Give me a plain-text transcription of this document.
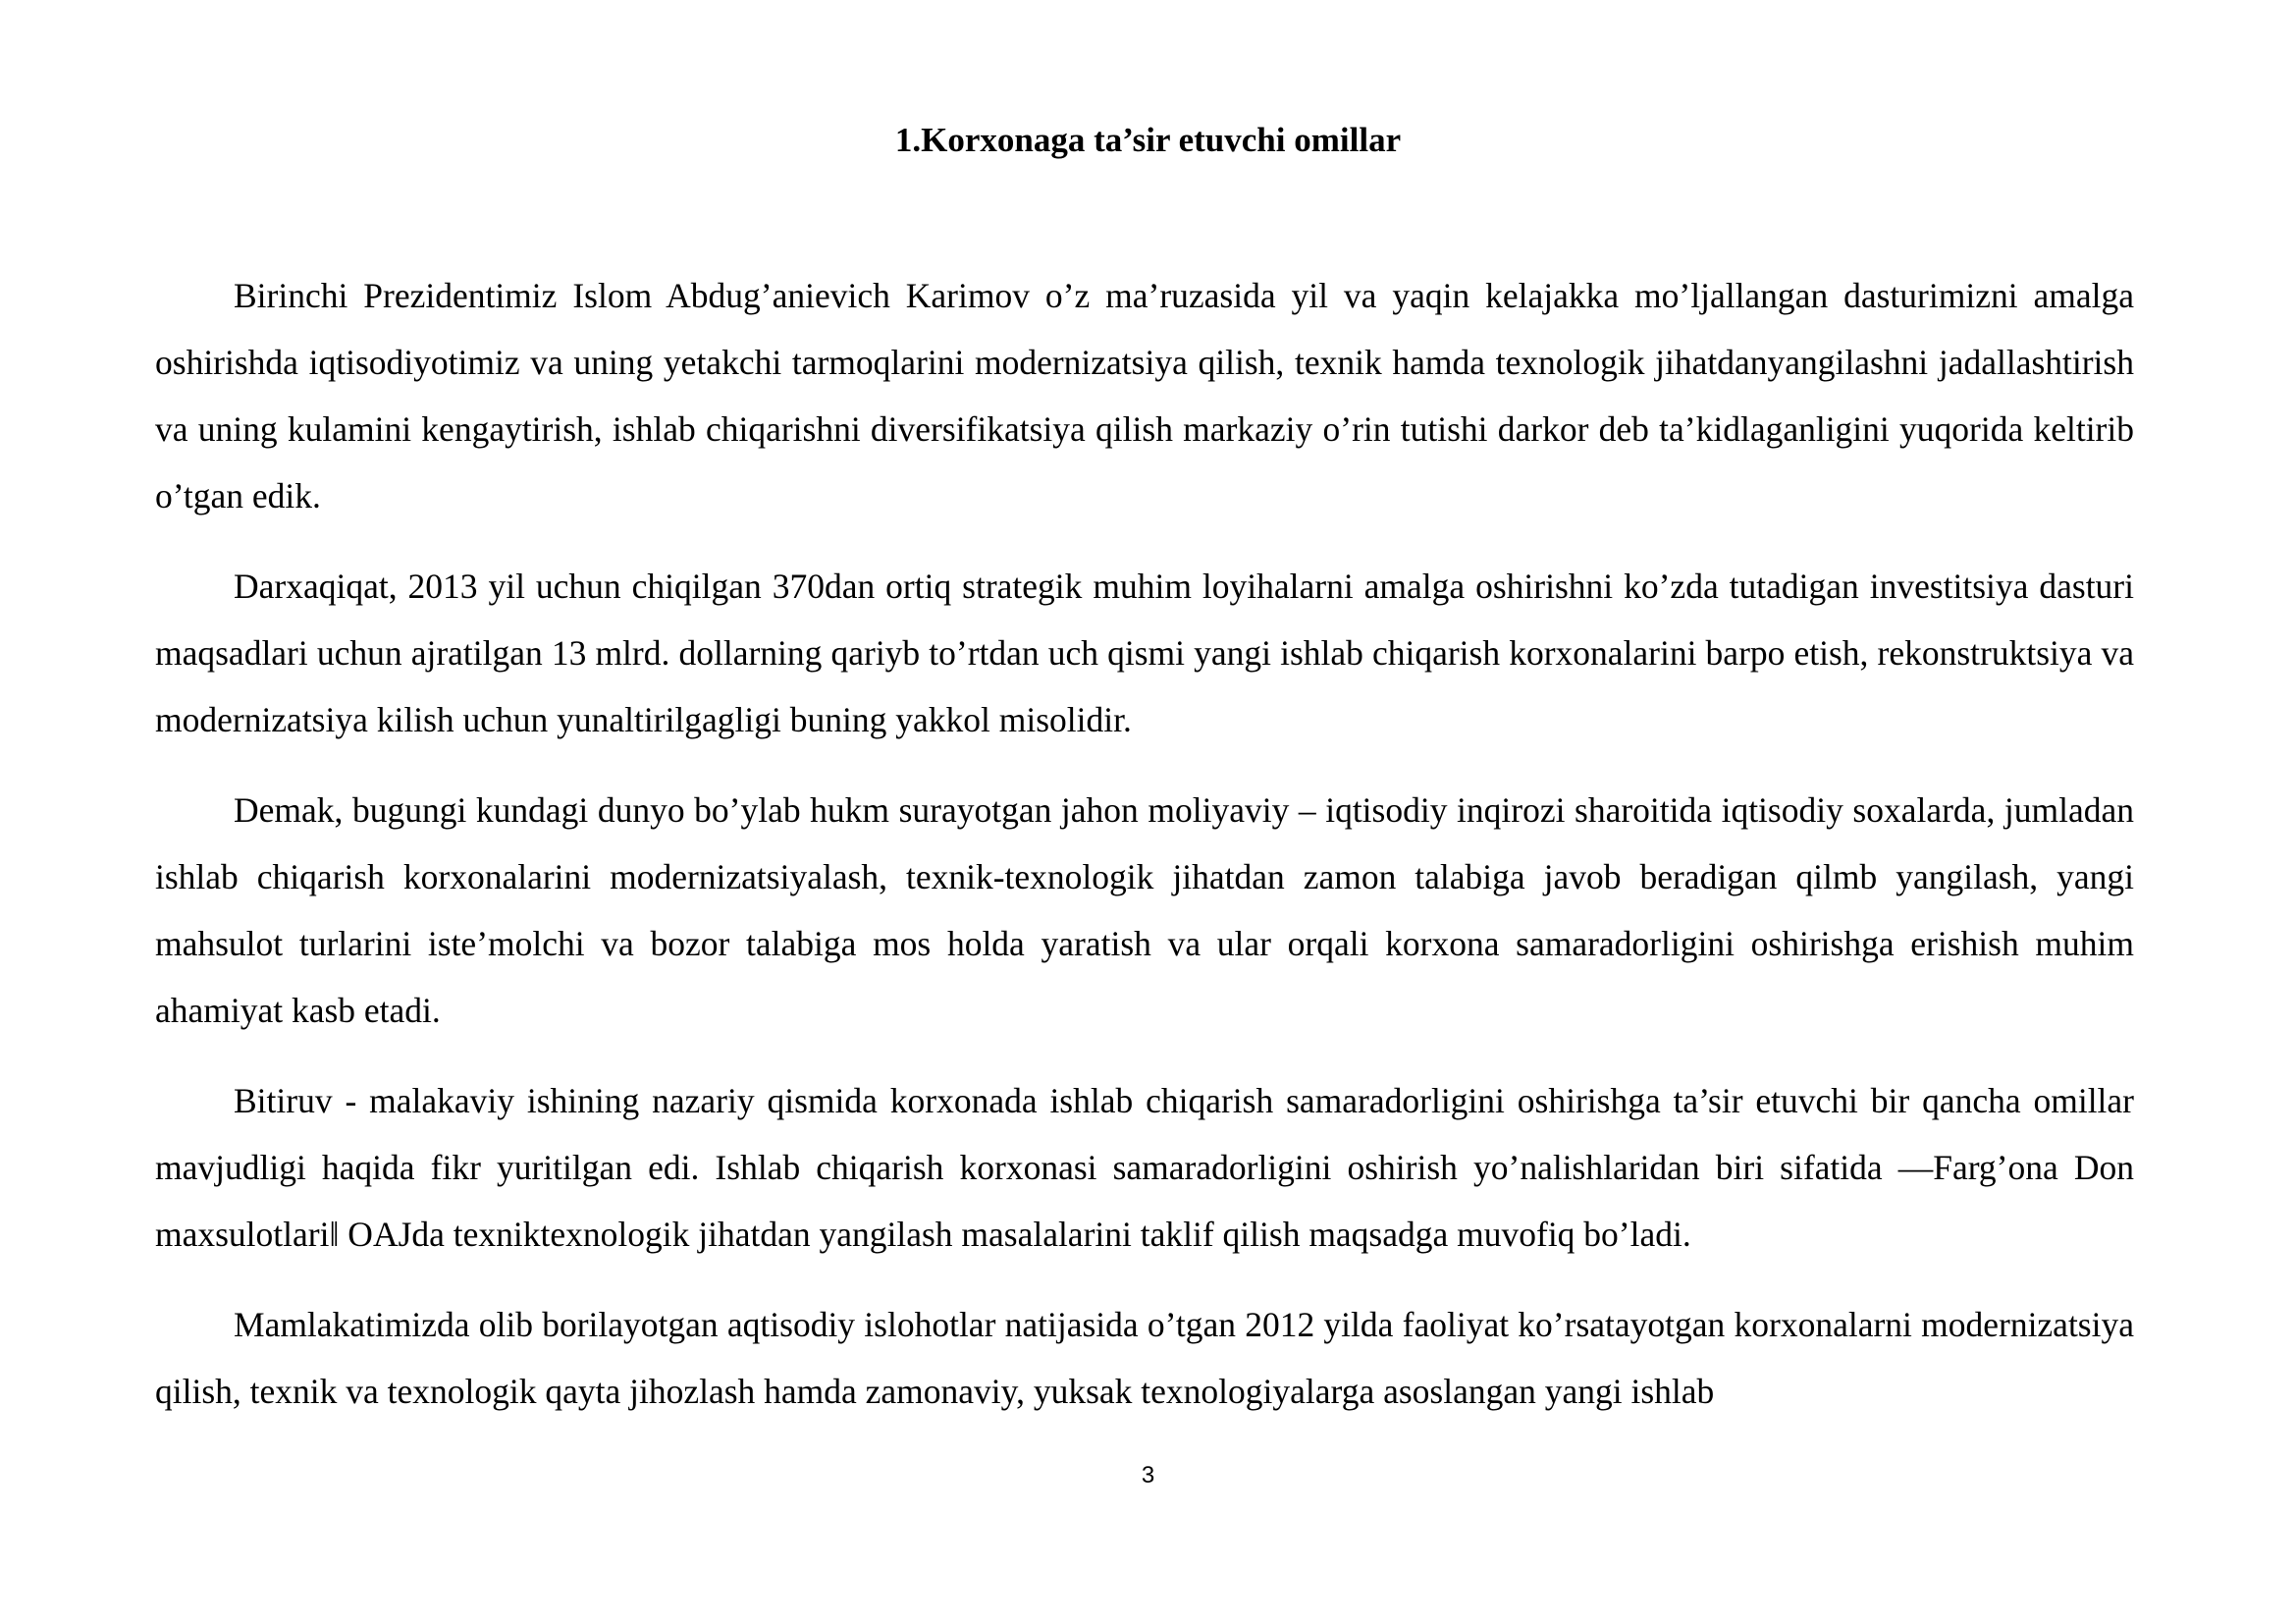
1.Korxonaga ta’sir etuvchi omillar

Birinchi Prezidentimiz Islom Abdug’anievich Karimov o’z ma’ruzasida yil va yaqin kelajakka mo’ljallangan dasturimizni amalga oshirishda iqtisodiyotimiz va uning yetakchi tarmoqlarini modernizatsiya qilish, texnik hamda texnologik jihatdanyangilashni jadallashtirish va uning kulamini kengaytirish, ishlab chiqarishni diversifikatsiya qilish markaziy o’rin tutishi darkor deb ta’kidlaganligini yuqorida keltirib o’tgan edik.

Darxaqiqat, 2013 yil uchun chiqilgan 370dan ortiq strategik muhim loyihalarni amalga oshirishni ko’zda tutadigan investitsiya dasturi maqsadlari uchun ajratilgan 13 mlrd. dollarning qariyb to’rtdan uch qismi yangi ishlab chiqarish korxonalarini barpo etish, rekonstruktsiya va modernizatsiya kilish uchun yunaltirilgagligi buning yakkol misolidir.

Demak, bugungi kundagi dunyo bo’ylab hukm surayotgan jahon moliyaviy – iqtisodiy inqirozi sharoitida iqtisodiy soxalarda, jumladan ishlab chiqarish korxonalarini modernizatsiyalash, texnik-texnologik jihatdan zamon talabiga javob beradigan qilmb yangilash, yangi mahsulot turlarini iste’molchi va bozor talabiga mos holda yaratish va ular orqali korxona samaradorligini oshirishga erishish muhim ahamiyat kasb etadi.

Bitiruv - malakaviy ishining nazariy qismida korxonada ishlab chiqarish samaradorligini oshirishga ta’sir etuvchi bir qancha omillar mavjudligi haqida fikr yuritilgan edi. Ishlab chiqarish korxonasi samaradorligini oshirish yo’nalishlaridan biri sifatida ―Farg’ona Don maxsulotlari‖ OAJda texniktexnologik jihatdan yangilash masalalarini taklif qilish maqsadga muvofiq bo’ladi.

Mamlakatimizda olib borilayotgan aqtisodiy islohotlar natijasida o’tgan 2012 yilda faoliyat ko’rsatayotgan korxonalarni modernizatsiya qilish, texnik va texnologik qayta jihozlash hamda zamonaviy, yuksak texnologiyalarga asoslangan yangi ishlab

3
